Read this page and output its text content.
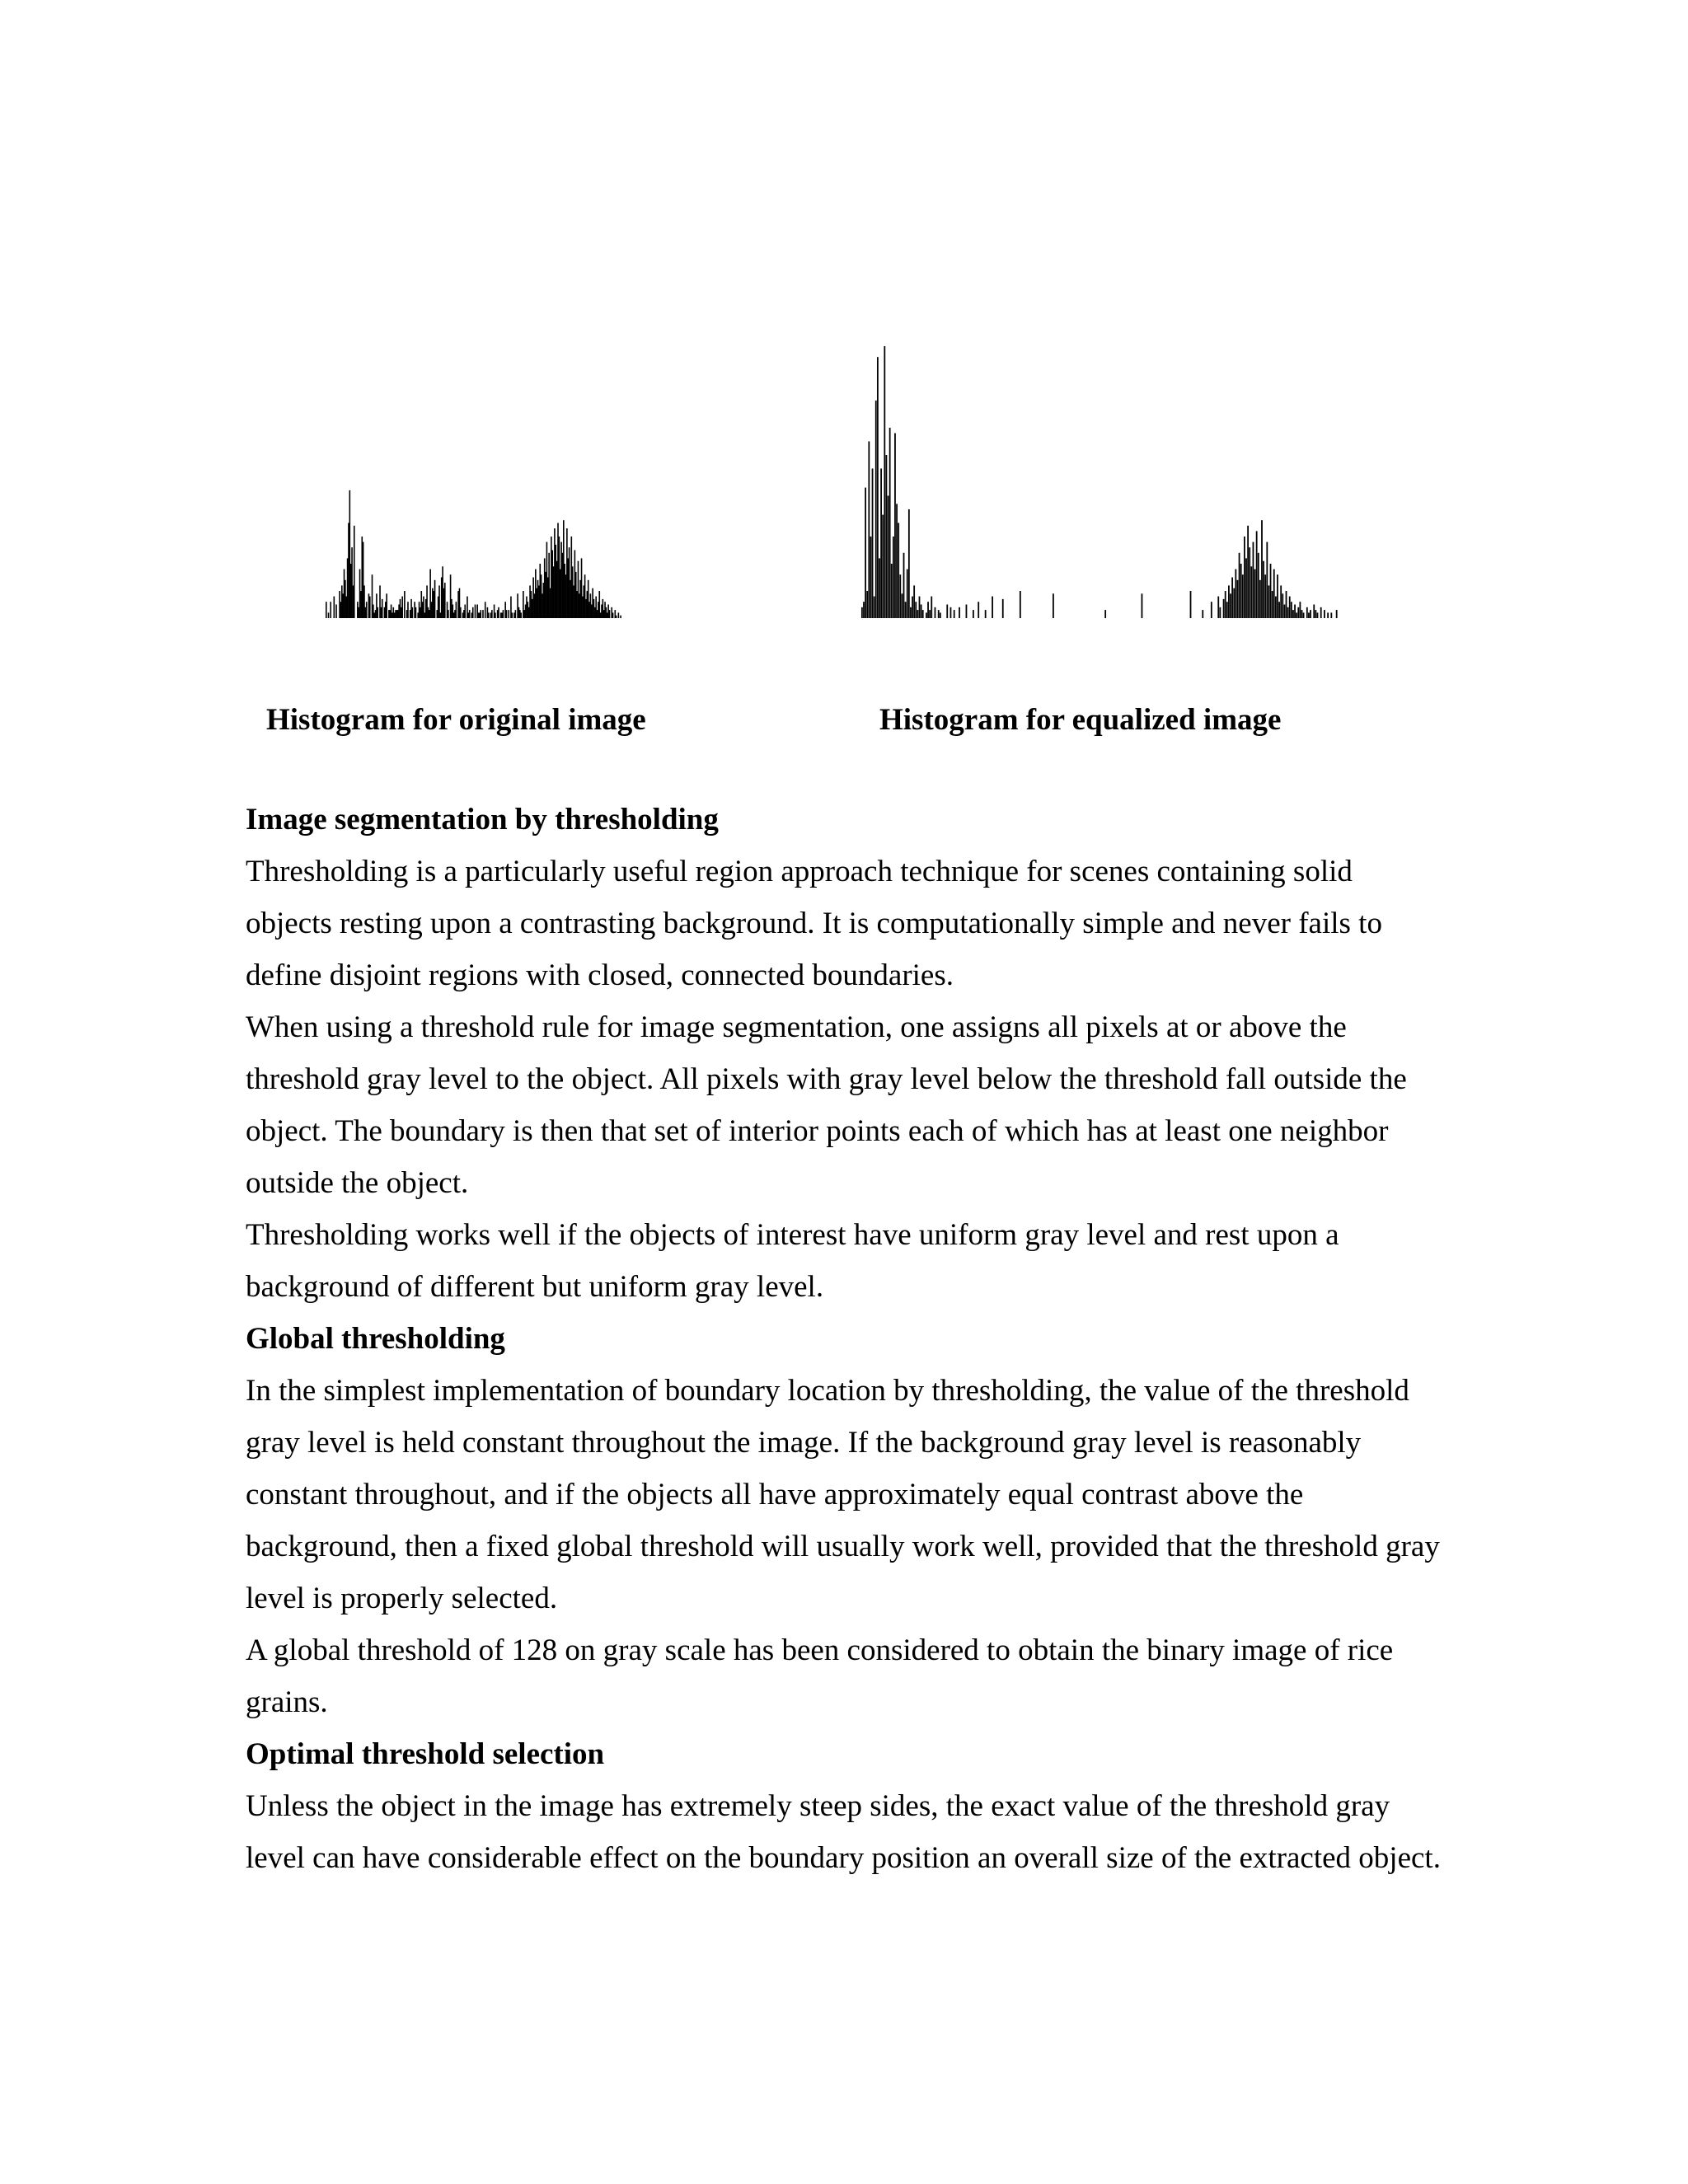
Histogram for original image	Histogram for equalized image
Image segmentation by thresholding

Thresholding is a particularly useful region approach technique for scenes containing solid objects resting upon a contrasting background. It is computationally simple and never fails to define disjoint regions with closed, connected boundaries.

When using a threshold rule for image segmentation, one assigns all pixels at or above the threshold gray level to the object. All pixels with gray level below the threshold fall outside the object. The boundary is then that set of interior points each of which has at least one neighbor outside the object.

Thresholding works well if the objects of interest have uniform gray level and rest upon a background of different but uniform gray level.

Global thresholding

In the simplest implementation of boundary location by thresholding, the value of the threshold gray level is held constant throughout the image. If the background gray level is reasonably constant throughout, and if the objects all have approximately equal contrast above the background, then a fixed global threshold will usually work well, provided that the threshold gray level is properly selected.

A global threshold of 128 on gray scale has been considered to obtain the binary image of rice grains.

Optimal threshold selection

Unless the object in the image has extremely steep sides, the exact value of the threshold gray level can have considerable effect on the boundary position an overall size of the extracted object.
